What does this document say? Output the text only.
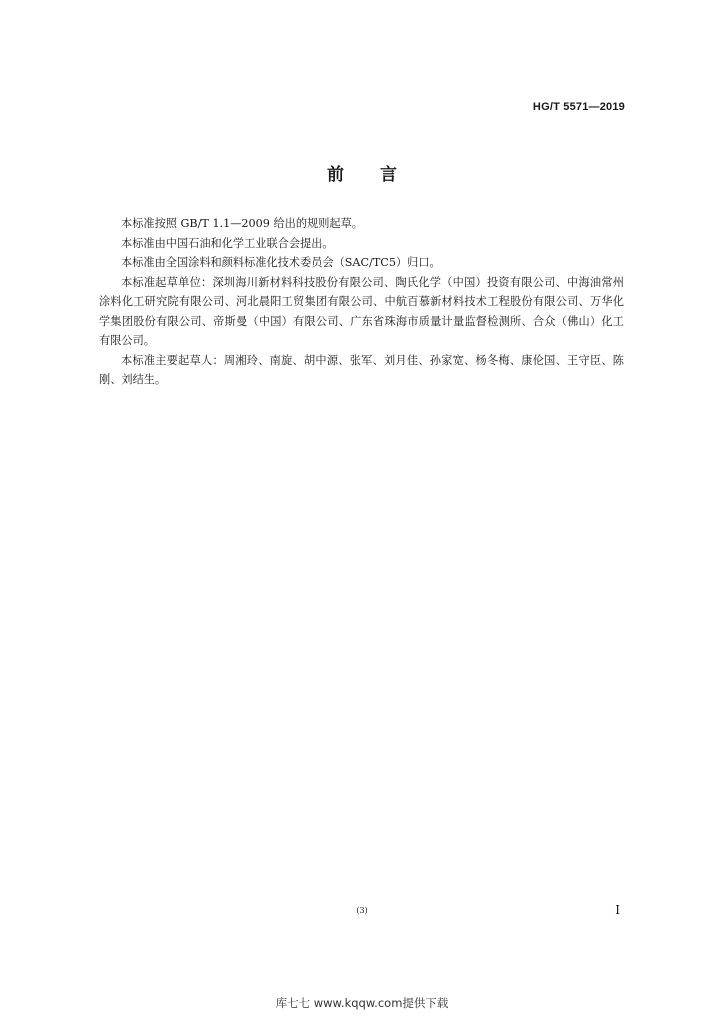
HG/T 5571—2019
前言

本标准按照 GB/T 1.1—2009 给出的规则起草。

本标准由中国石油和化学工业联合会提出。

本标准由全国涂料和颜料标准化技术委员会（SAC/TC5）归口。

本标准起草单位：深圳海川新材料科技股份有限公司、陶氏化学（中国）投资有限公司、中海油常州涂料化工研究院有限公司、河北晨阳工贸集团有限公司、中航百慕新材料技术工程股份有限公司、万华化学集团股份有限公司、帝斯曼（中国）有限公司、广东省珠海市质量计量监督检测所、合众（佛山）化工有限公司。

本标准主要起草人：周湘玲、南旋、胡中源、张军、刘月佳、孙家宽、杨冬梅、康伦国、王守臣、陈刚、刘结生。

(3)	I
库七七 www.kqqw.com提供下载
